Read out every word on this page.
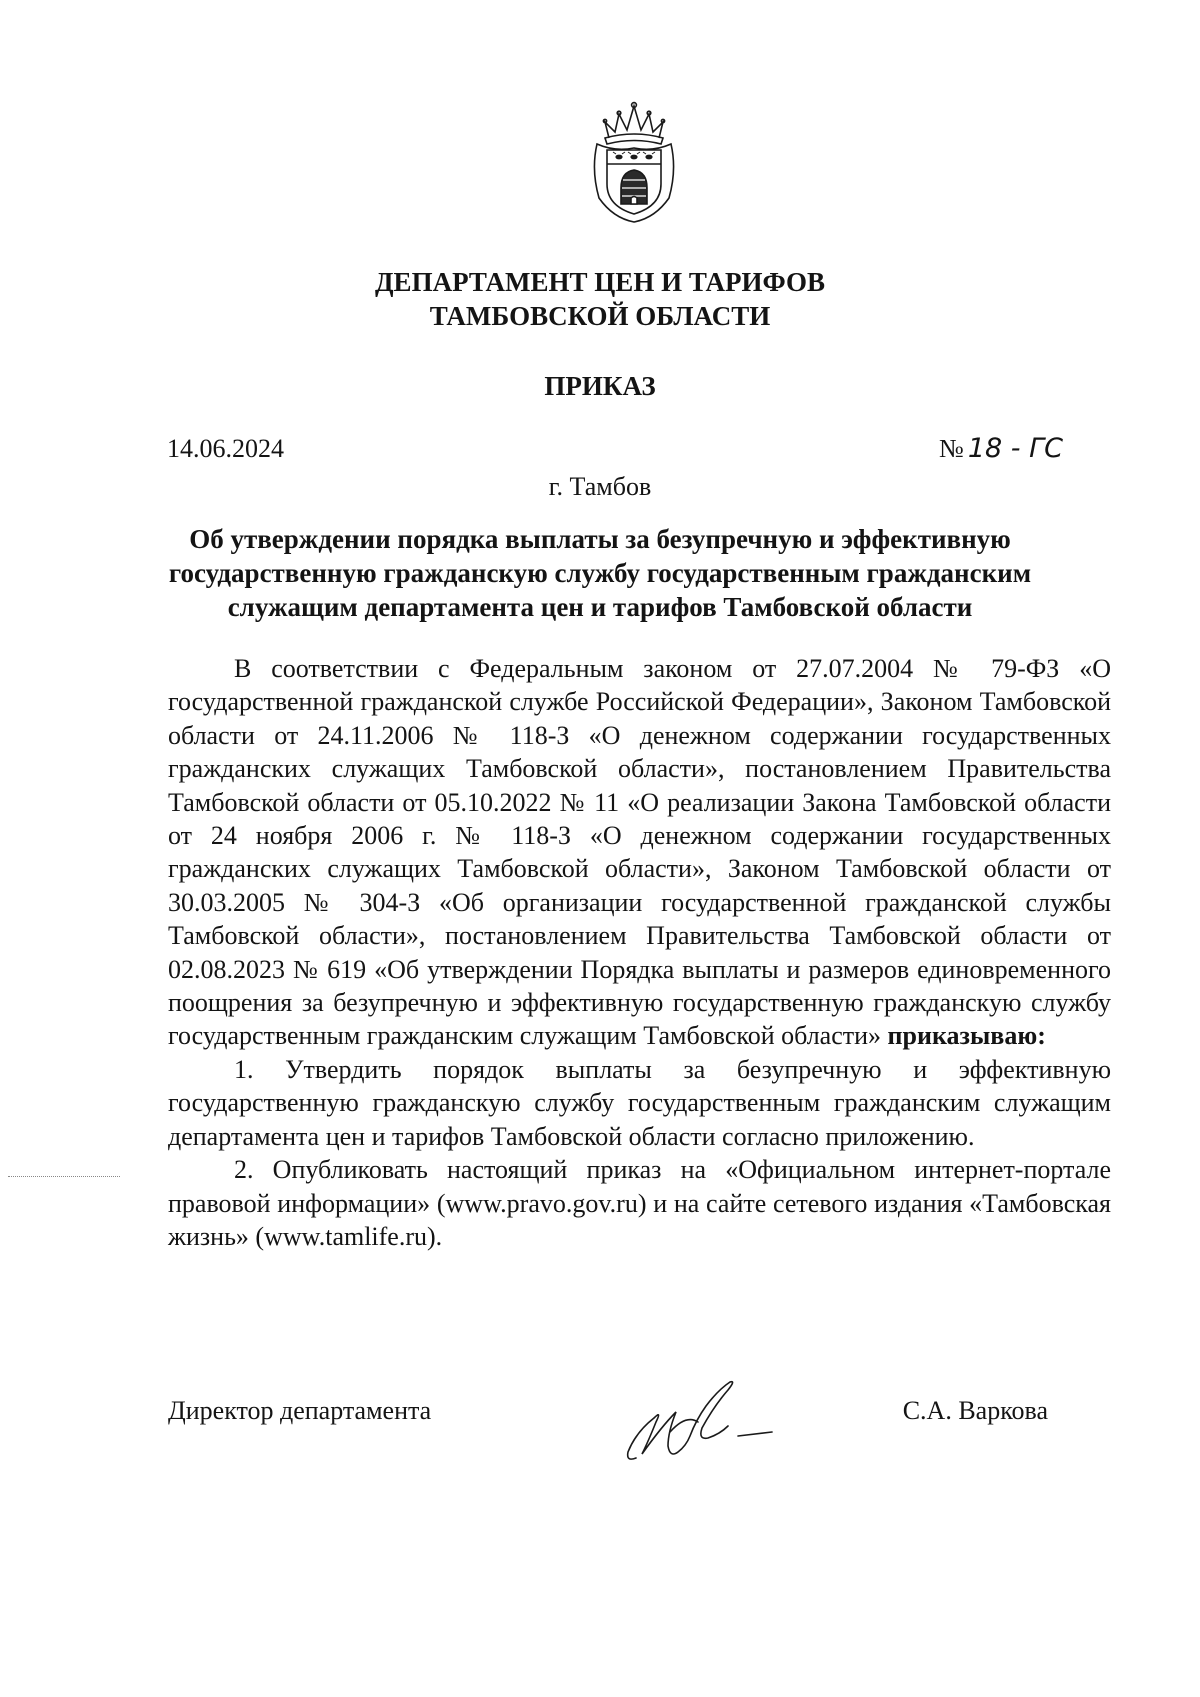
ДЕПАРТАМЕНТ ЦЕН И ТАРИФОВ
ТАМБОВСКОЙ ОБЛАСТИ
ПРИКАЗ
14.06.2024	№ 18 - ГС
г. Тамбов
Об утверждении порядка выплаты за безупречную и эффективную государственную гражданскую службу государственным гражданским служащим департамента цен и тарифов Тамбовской области

В соответствии с Федеральным законом от 27.07.2004 № 79-ФЗ «О государственной гражданской службе Российской Федерации», Законом Тамбовской области от 24.11.2006 № 118-З «О денежном содержании государственных гражданских служащих Тамбовской области», постановлением Правительства Тамбовской области от 05.10.2022 № 11 «О реализации Закона Тамбовской области от 24 ноября 2006 г. № 118-З «О денежном содержании государственных гражданских служащих Тамбовской области», Законом Тамбовской области от 30.03.2005 № 304-З «Об организации государственной гражданской службы Тамбовской области», постановлением Правительства Тамбовской области от 02.08.2023 № 619 «Об утверждении Порядка выплаты и размеров единовременного поощрения за безупречную и эффективную государственную гражданскую службу государственным гражданским служащим Тамбовской области» приказываю:

1. Утвердить порядок выплаты за безупречную и эффективную государственную гражданскую службу государственным гражданским служащим департамента цен и тарифов Тамбовской области согласно приложению.

2. Опубликовать настоящий приказ на «Официальном интернет-портале правовой информации» (www.pravo.gov.ru) и на сайте сетевого издания «Тамбовская жизнь» (www.tamlife.ru).

Директор департамента	С.А. Варкова
